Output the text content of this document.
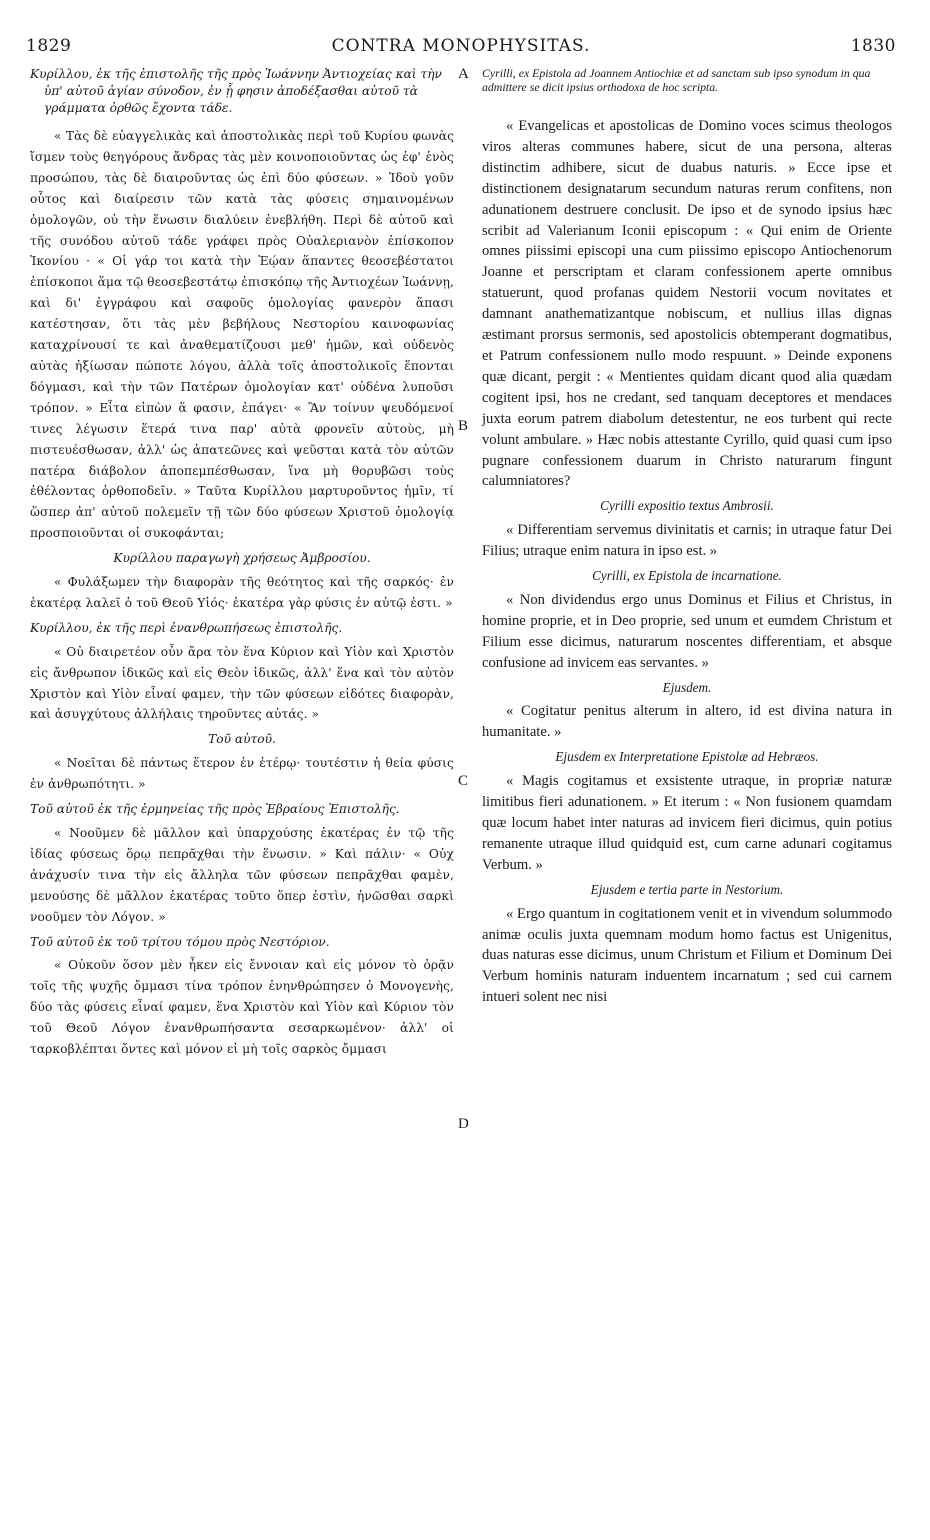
1829	CONTRA MONOPHYSITAS.	1830
A
B
C
D
Κυρίλλου, ἐκ τῆς ἐπιστολῆς τῆς πρὸς Ἰωάννην Ἀντιοχείας καὶ τὴν ὑπ' αὐτοῦ ἁγίαν σύνοδον, ἐν ᾗ φησιν ἀποδέξασθαι αὐτοῦ τὰ γράμματα ὀρθῶς ἔχοντα τάδε.

« Τὰς δὲ εὐαγγελικὰς καὶ ἀποστολικὰς περὶ τοῦ Κυρίου φωνὰς ἴσμεν τοὺς θεηγόρους ἄνδρας τὰς μὲν κοινοποιοῦντας ὡς ἐφ' ἑνὸς προσώπου, τὰς δὲ διαιροῦντας ὡς ἐπὶ δύο φύσεων. » Ἰδοὺ γοῦν οὗτος καὶ διαίρεσιν τῶν κατὰ τὰς φύσεις σημαινομένων ὁμολογῶν, οὐ τὴν ἕνωσιν διαλύειν ἐνεβλήθη. Περὶ δὲ αὐτοῦ καὶ τῆς συνόδου αὐτοῦ τάδε γράφει πρὸς Οὐαλεριανὸν ἐπίσκοπον Ἰκονίου · « Οἱ γάρ τοι κατὰ τὴν Ἑῴαν ἅπαντες θεοσεβέστατοι ἐπίσκοποι ἅμα τῷ θεοσεβεστάτῳ ἐπισκόπῳ τῆς Ἀντιοχέων Ἰωάννῃ, καὶ δι' ἐγγράφου καὶ σαφοῦς ὁμολογίας φανερὸν ἅπασι κατέστησαν, ὅτι τὰς μὲν βεβήλους Νεστορίου καινοφωνίας καταχρίνουσί τε καὶ ἀναθεματίζουσι μεθ' ἡμῶν, καὶ οὐδενὸς αὐτὰς ἠξίωσαν πώποτε λόγου, ἀλλὰ τοῖς ἀποστολικοῖς ἕπονται δόγμασι, καὶ τὴν τῶν Πατέρων ὁμολογίαν κατ' οὐδένα λυποῦσι τρόπον. » Εἶτα εἰπὼν ἅ φασιν, ἐπάγει· « Ἂν τοίνυν ψευδόμενοί τινες λέγωσιν ἕτερά τινα παρ' αὐτὰ φρονεῖν αὐτοὺς, μὴ πιστευέσθωσαν, ἀλλ' ὡς ἀπατεῶνες καὶ ψεῦσται κατὰ τὸν αὐτῶν πατέρα διάβολον ἀποπεμπέσθωσαν, ἵνα μὴ θορυβῶσι τοὺς ἐθέλοντας ὀρθοποδεῖν. » Ταῦτα Κυρίλλου μαρτυροῦντος ἡμῖν, τί ὥσπερ ἀπ' αὐτοῦ πολεμεῖν τῇ τῶν δύο φύσεων Χριστοῦ ὁμολογίᾳ προσποιοῦνται οἱ συκοφάνται;

Κυρίλλου παραγωγὴ χρήσεως Ἀμβροσίου.

« Φυλάξωμεν τὴν διαφορὰν τῆς θεότητος καὶ τῆς σαρκός· ἐν ἑκατέρᾳ λαλεῖ ὁ τοῦ Θεοῦ Υἱός· ἑκατέρα γὰρ φύσις ἐν αὐτῷ ἐστι. »

Κυρίλλου, ἐκ τῆς περὶ ἐνανθρωπήσεως ἐπιστολῆς.

« Οὐ διαιρετέον οὖν ἄρα τὸν ἕνα Κύριον καὶ Υἱὸν καὶ Χριστὸν εἰς ἄνθρωπον ἰδικῶς καὶ εἰς Θεὸν ἰδικῶς, ἀλλ' ἕνα καὶ τὸν αὐτὸν Χριστὸν καὶ Υἱὸν εἶναί φαμεν, τὴν τῶν φύσεων εἰδότες διαφορὰν, καὶ ἀσυγχύτους ἀλλήλαις τηροῦντες αὐτάς. »

Τοῦ αὐτοῦ.

« Νοεῖται δὲ πάντως ἕτερον ἐν ἑτέρῳ· τουτέστιν ἡ θεία φύσις ἐν ἀνθρωπότητι. »

Τοῦ αὐτοῦ ἐκ τῆς ἑρμηνείας τῆς πρὸς Ἑβραίους Ἐπιστολῆς.

« Νοοῦμεν δὲ μᾶλλον καὶ ὑπαρχούσης ἑκατέρας ἐν τῷ τῆς ἰδίας φύσεως ὅρῳ πεπρᾶχθαι τὴν ἕνωσιν. » Καὶ πάλιν· « Οὐχ ἀνάχυσίν τινα τὴν εἰς ἄλληλα τῶν φύσεων πεπρᾶχθαι φαμὲν, μενούσης δὲ μᾶλλον ἑκατέρας τοῦτο ὅπερ ἐστὶν, ἡνῶσθαι σαρκὶ νοοῦμεν τὸν Λόγον. »

Τοῦ αὐτοῦ ἐκ τοῦ τρίτου τόμου πρὸς Νεστόριον.

« Οὐκοῦν ὅσον μὲν ἧκεν εἰς ἔννοιαν καὶ εἰς μόνον τὸ ὁρᾷν τοῖς τῆς ψυχῆς ὄμμασι τίνα τρόπον ἐνηνθρώπησεν ὁ Μονογενὴς, δύο τὰς φύσεις εἶναί φαμεν, ἕνα Χριστὸν καὶ Υἱὸν καὶ Κύριον τὸν τοῦ Θεοῦ Λόγον ἐνανθρωπήσαντα σεσαρκωμένον· ἀλλ' οἱ ταρκοβλέπται ὄντες καὶ μόνον εἰ μὴ τοῖς σαρκὸς ὄμμασι

Cyrilli, ex Epistola ad Joannem Antiochiæ et ad sanctam sub ipso synodum in qua admittere se dicit ipsius orthodoxa de hoc scripta.

« Evangelicas et apostolicas de Domino voces scimus theologos viros alteras communes habere, sicut de una persona, alteras distinctim adhibere, sicut de duabus naturis. » Ecce ipse et distinctionem designatarum secundum naturas rerum confitens, non adunationem destruere conclusit. De ipso et de synodo ipsius hæc scribit ad Valerianum Iconii episcopum : « Qui enim de Oriente omnes piissimi episcopi una cum piissimo episcopo Antiochenorum Joanne et perscriptam et claram confessionem aperte omnibus statuerunt, quod profanas quidem Nestorii vocum novitates et damnant anathematizantque nobiscum, et nullius illas dignas æstimant prorsus sermonis, sed apostolicis obtemperant dogmatibus, et Patrum confessionem nullo modo respuunt. » Deinde exponens quæ dicant, pergit : « Mentientes quidam dicant quod alia quædam cogitent ipsi, hos ne credant, sed tanquam deceptores et mendaces juxta eorum patrem diabolum detestentur, ne eos turbent qui recte volunt ambulare. » Hæc nobis attestante Cyrillo, quid quasi cum ipso pugnare confessionem duarum in Christo naturarum fingunt calumniatores?

Cyrilli expositio textus Ambrosii.

« Differentiam servemus divinitatis et carnis; in utraque fatur Dei Filius; utraque enim natura in ipso est. »

Cyrilli, ex Epistola de incarnatione.

« Non dividendus ergo unus Dominus et Filius et Christus, in homine proprie, et in Deo proprie, sed unum et eumdem Christum et Filium esse dicimus, naturarum noscentes differentiam, et absque confusione ad invicem eas servantes. »

Ejusdem.

« Cogitatur penitus alterum in altero, id est divina natura in humanitate. »

Ejusdem ex Interpretatione Epistolæ ad Hebræos.

« Magis cogitamus et exsistente utraque, in propriæ naturæ limitibus fieri adunationem. » Et iterum : « Non fusionem quamdam quæ locum habet inter naturas ad invicem fieri dicimus, quin potius remanente utraque illud quidquid est, cum carne adunari cogitamus Verbum. »

Ejusdem e tertia parte in Nestorium.

« Ergo quantum in cogitationem venit et in vivendum solummodo animæ oculis juxta quemnam modum homo factus est Unigenitus, duas naturas esse dicimus, unum Christum et Filium et Dominum Dei Verbum hominis naturam induentem incarnatum ; sed cui carnem intueri solent nec nisi
